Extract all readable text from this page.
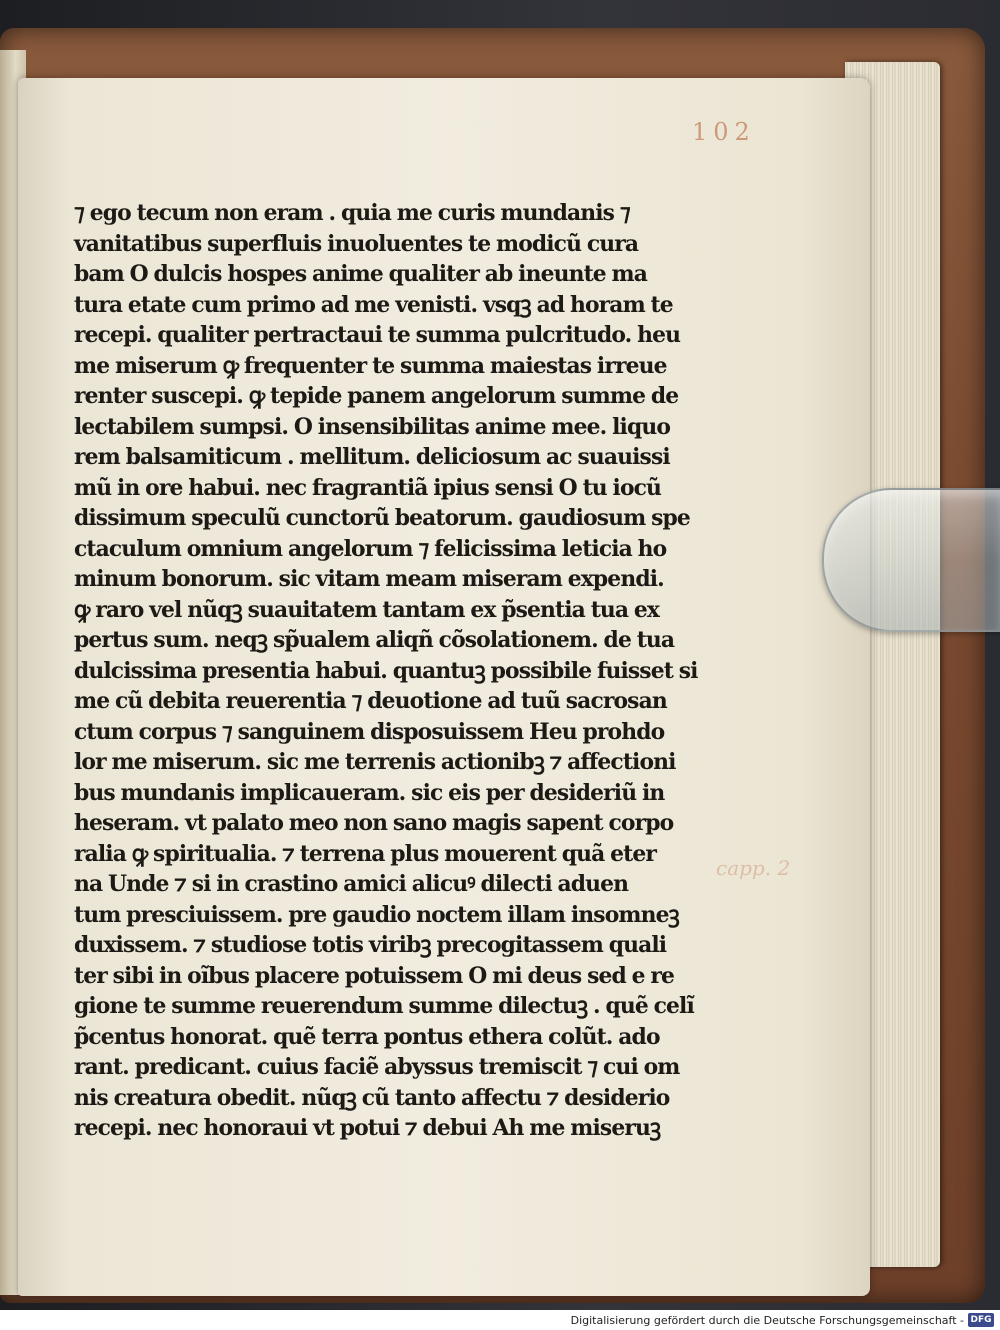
102
capp. 2
⁊ ego tecum non eram . quia me curis mundanis ⁊
vanitatibus superfluis inuoluentes te modicũ cura
bam O dulcis hospes anime qualiter ab ineunte ma
tura etate cum primo ad me venisti. vsqꝫ ad horam te
recepi. qualiter pertractaui te summa pulcritudo. heu
me miserum ꝙ frequenter te summa maiestas irreue
renter suscepi. ꝙ tepide panem angelorum summe de
lectabilem sumpsi. O insensibilitas anime mee. liquo
rem balsamiticum . mellitum. deliciosum ac suauissi
mũ in ore habui. nec fragrantiã ipius sensi O tu iocũ
dissimum speculũ cunctorũ beatorum. gaudiosum spe
ctaculum omnium angelorum ⁊ felicissima leticia ho
minum bonorum. sic vitam meam miseram expendi.
ꝙ raro vel nũqꝫ suauitatem tantam ex p̃sentia tua ex
pertus sum. neqꝫ sp̃ualem aliqñ cõsolationem. de tua
dulcissima presentia habui. quantuꝫ possibile fuisset si
me cũ debita reuerentia ⁊ deuotione ad tuũ sacrosan
ctum corpus ⁊ sanguinem disposuissem Heu prohdo
lor me miserum. sic me terrenis actionibꝫ ⁊ affectioni
bus mundanis implicaueram. sic eis per desideriũ in
heseram. vt palato meo non sano magis sapent corpo
ralia ꝙ spiritualia. ⁊ terrena plus mouerent quã eter
na Unde ⁊ si in crastino amici alicuꝰ dilecti aduen
tum presciuissem. pre gaudio noctem illam insomneꝫ
duxissem. ⁊ studiose totis viribꝫ precogitassem quali
ter sibi in oĩbus placere potuissem O mi deus sed e re
gione te summe reuerendum summe dilectuꝫ . quẽ celĩ
p̃centus honorat. quẽ terra pontus ethera colũt. ado
rant. predicant. cuius faciẽ abyssus tremiscit ⁊ cui om
nis creatura obedit. nũqꝫ cũ tanto affectu ⁊ desiderio
recepi. nec honoraui vt potui ⁊ debui Ah me miseruꝫ
Digitalisierung gefördert durch die Deutsche Forschungsgemeinschaft - DFG
